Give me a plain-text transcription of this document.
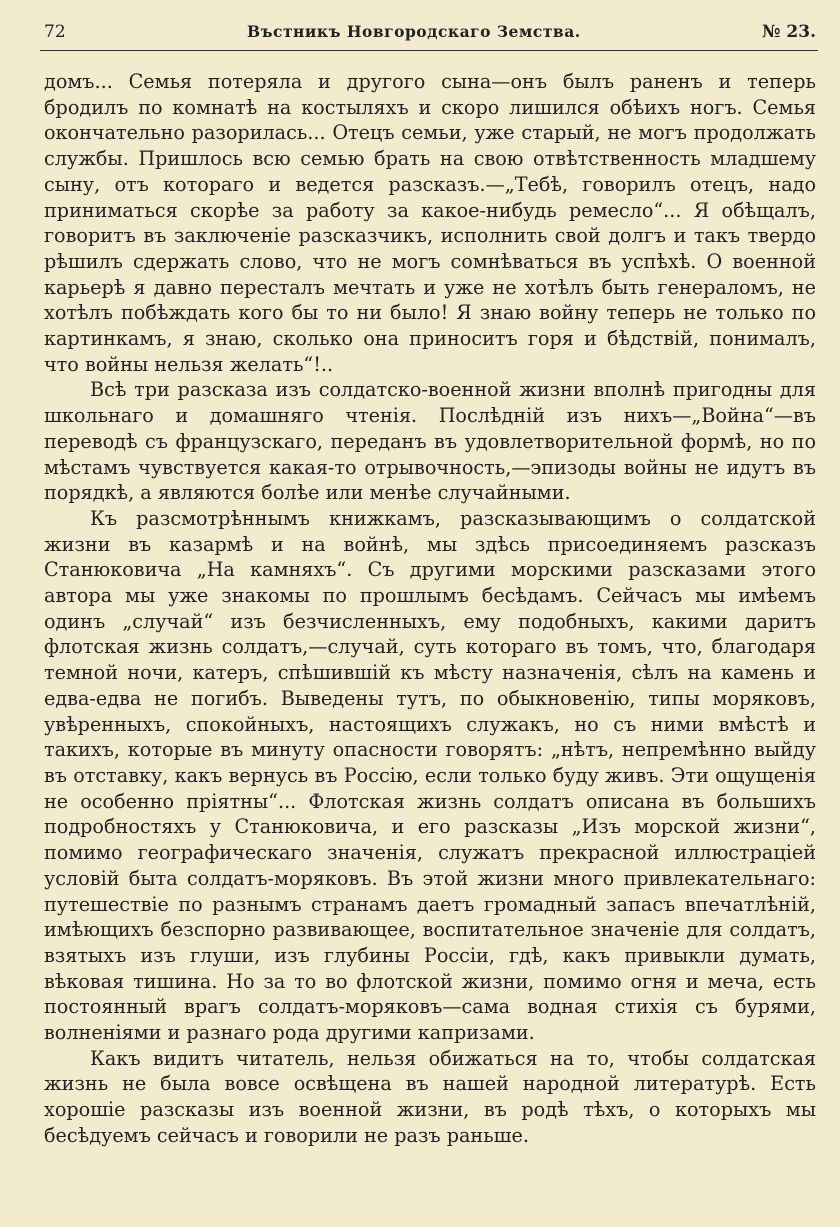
72	Въстникъ Новгородскаго Земства.	№ 23.

домъ... Семья потеряла и другого сына—онъ былъ раненъ и теперь бродилъ по комнатѣ на костыляхъ и скоро лишился обѣихъ ногъ. Семья окончательно разорилась... Отецъ семьи, уже старый, не могъ продолжать службы. Пришлось всю семью брать на свою отвѣтственность младшему сыну, отъ котораго и ведется разсказъ.—„Тебѣ, говорилъ отецъ, надо приниматься скорѣе за работу за какое-нибудь ремесло“... Я обѣщалъ, говоритъ въ заключеніе разсказчикъ, исполнить свой долгъ и такъ твердо рѣшилъ сдержать слово, что не могъ сомнѣваться въ успѣхѣ. О военной карьерѣ я давно пересталъ мечтать и уже не хотѣлъ быть генераломъ, не хотѣлъ побѣждать кого бы то ни было! Я знаю войну теперь не только по картинкамъ, я знаю, сколько она приноситъ горя и бѣдствій, понималъ, что войны нельзя желать“!..

Всѣ три разсказа изъ солдатско-военной жизни вполнѣ пригодны для школьнаго и домашняго чтенія. Послѣдній изъ нихъ—„Война“—въ переводѣ съ французскаго, переданъ въ удовлетворительной формѣ, но по мѣстамъ чувствуется какая-то отрывочность,—эпизоды войны не идутъ въ порядкѣ, а являются болѣе или менѣе случайными.

Къ разсмотрѣннымъ книжкамъ, разсказывающимъ о солдатской жизни въ казармѣ и на войнѣ, мы здѣсь присоединяемъ разсказъ Станюковича „На камняхъ“. Съ другими морскими разсказами этого автора мы уже знакомы по прошлымъ бесѣдамъ. Сейчасъ мы имѣемъ одинъ „случай“ изъ безчисленныхъ, ему подобныхъ, какими даритъ флотская жизнь солдатъ,—случай, суть котораго въ томъ, что, благодаря темной ночи, катеръ, спѣшившій къ мѣсту назначенія, сѣлъ на камень и едва-едва не погибъ. Выведены тутъ, по обыкновенію, типы моряковъ, увѣренныхъ, спокойныхъ, настоящихъ служакъ, но съ ними вмѣстѣ и такихъ, которые въ минуту опасности говорятъ: „нѣтъ, непремѣнно выйду въ отставку, какъ вернусь въ Россію, если только буду живъ. Эти ощущенія не особенно пріятны“... Флотская жизнь солдатъ описана въ большихъ подробностяхъ у Станюковича, и его разсказы „Изъ морской жизни“, помимо географическаго значенія, служатъ прекрасной иллюстраціей условій быта солдатъ-моряковъ. Въ этой жизни много привлекательнаго: путешествіе по разнымъ странамъ даетъ громадный запасъ впечатлѣній, имѣющихъ безспорно развивающее, воспитательное значеніе для солдатъ, взятыхъ изъ глуши, изъ глубины Россіи, гдѣ, какъ привыкли думать, вѣковая тишина. Но за то во флотской жизни, помимо огня и меча, есть постоянный врагъ солдатъ-моряковъ—сама водная стихія съ бурями, волненіями и разнаго рода другими капризами.

Какъ видитъ читатель, нельзя обижаться на то, чтобы солдатская жизнь не была вовсе освѣщена въ нашей народной литературѣ. Есть хорошіе разсказы изъ военной жизни, въ родѣ тѣхъ, о которыхъ мы бесѣдуемъ сейчасъ и говорили не разъ раньше.
